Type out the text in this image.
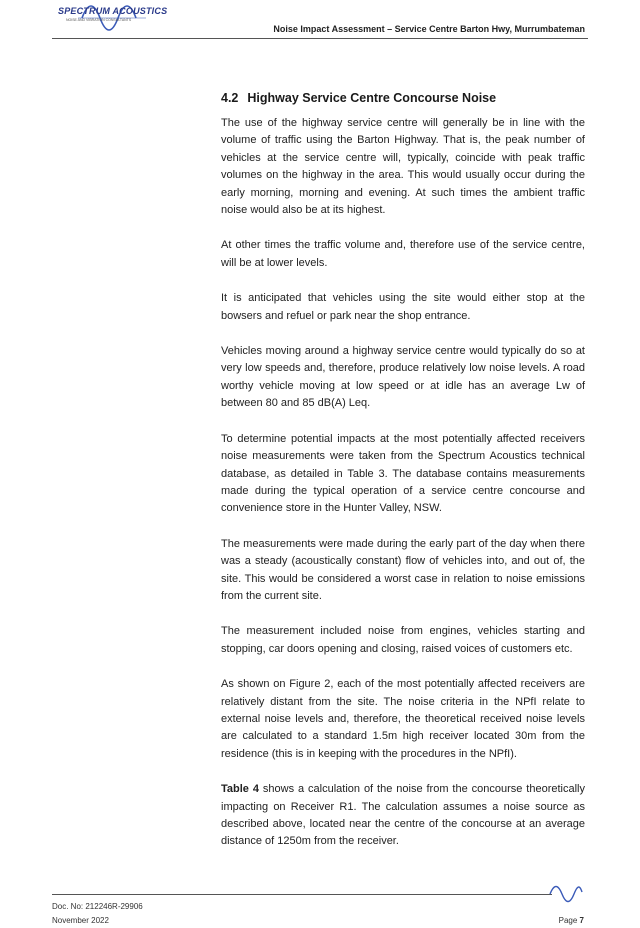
SPECTRUM ACOUSTICS
NOISE AND VIBRATION CONSULTANTS
Noise Impact Assessment – Service Centre Barton Hwy, Murrumbateman
4.2 Highway Service Centre Concourse Noise

The use of the highway service centre will generally be in line with the volume of traffic using the Barton Highway. That is, the peak number of vehicles at the service centre will, typically, coincide with peak traffic volumes on the highway in the area. This would usually occur during the early morning, morning and evening. At such times the ambient traffic noise would also be at its highest.

At other times the traffic volume and, therefore use of the service centre, will be at lower levels.

It is anticipated that vehicles using the site would either stop at the bowsers and refuel or park near the shop entrance.

Vehicles moving around a highway service centre would typically do so at very low speeds and, therefore, produce relatively low noise levels. A road worthy vehicle moving at low speed or at idle has an average Lw of between 80 and 85 dB(A) Leq.

To determine potential impacts at the most potentially affected receivers noise measurements were taken from the Spectrum Acoustics technical database, as detailed in Table 3. The database contains measurements made during the typical operation of a service centre concourse and convenience store in the Hunter Valley, NSW.

The measurements were made during the early part of the day when there was a steady (acoustically constant) flow of vehicles into, and out of, the site. This would be considered a worst case in relation to noise emissions from the current site.

The measurement included noise from engines, vehicles starting and stopping, car doors opening and closing, raised voices of customers etc.

As shown on Figure 2, each of the most potentially affected receivers are relatively distant from the site. The noise criteria in the NPfI relate to external noise levels and, therefore, the theoretical received noise levels are calculated to a standard 1.5m high receiver located 30m from the residence (this is in keeping with the procedures in the NPfI).

Table 4 shows a calculation of the noise from the concourse theoretically impacting on Receiver R1. The calculation assumes a noise source as described above, located near the centre of the concourse at an average distance of 1250m from the receiver.

Doc. No: 212246R-29906
November 2022	Page 7
